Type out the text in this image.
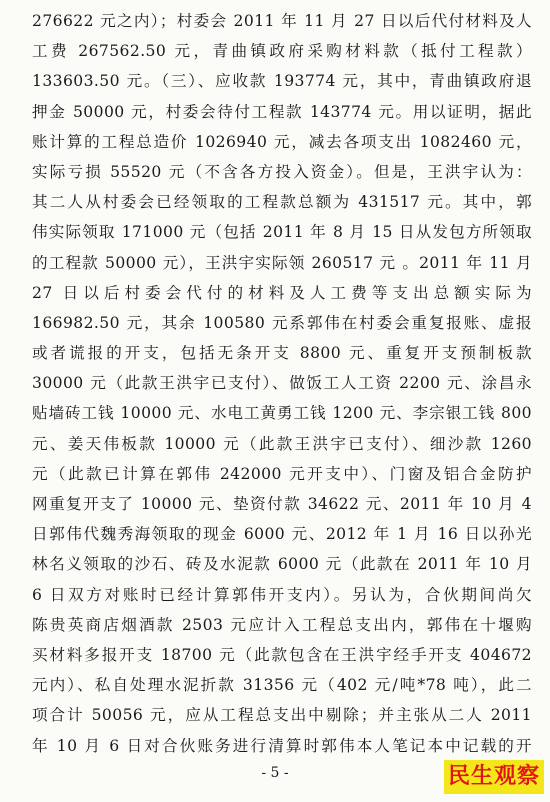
276622 元之内）；村委会 2011 年 11 月 27 日以后代付材料及人
工费 267562.50 元，青曲镇政府采购材料款（抵付工程款）
133603.50 元。（三）、应收款 193774 元，其中，青曲镇政府退
押金 50000 元，村委会待付工程款 143774 元。用以证明，据此
账计算的工程总造价 1026940 元，减去各项支出 1082460 元，
实际亏损 55520 元（不含各方投入资金）。但是，王洪宇认为：
其二人从村委会已经领取的工程款总额为 431517 元。其中，郭
伟实际领取 171000 元（包括 2011 年 8 月 15 日从发包方所领取
的工程款 50000 元），王洪宇实际领 260517 元 。2011 年 11 月
27 日以后村委会代付的材料及人工费等支出总额实际为
166982.50 元，其余 100580 元系郭伟在村委会重复报账、虚报
或者谎报的开支，包括无条开支 8800 元、重复开支预制板款
30000 元（此款王洪宇已支付）、做饭工人工资 2200 元、涂昌永
贴墙砖工钱 10000 元、水电工黄勇工钱 1200 元、李宗银工钱 800
元、姜天伟板款 10000 元（此款王洪宇已支付）、细沙款 1260
元（此款已计算在郭伟 242000 元开支中）、门窗及铝合金防护
网重复开支了 10000 元、垫资付款 34622 元、2011 年 10 月 4
日郭伟代魏秀海领取的现金 6000 元、2012 年 1 月 16 日以孙光
林名义领取的沙石、砖及水泥款 6000 元（此款在 2011 年 10 月
6 日双方对账时已经计算郭伟开支内）。另认为，合伙期间尚欠
陈贵英商店烟酒款 2503 元应计入工程总支出内，郭伟在十堰购
买材料多报开支 18700 元（此款包含在王洪宇经手开支 404672
元内）、私自处理水泥折款 31356 元（402 元/吨*78 吨），此二
项合计 50056 元，应从工程总支出中剔除；并主张从二人 2011
年 10 月 6 日对合伙账务进行清算时郭伟本人笔记本中记载的开
- 5 -	民生观察
